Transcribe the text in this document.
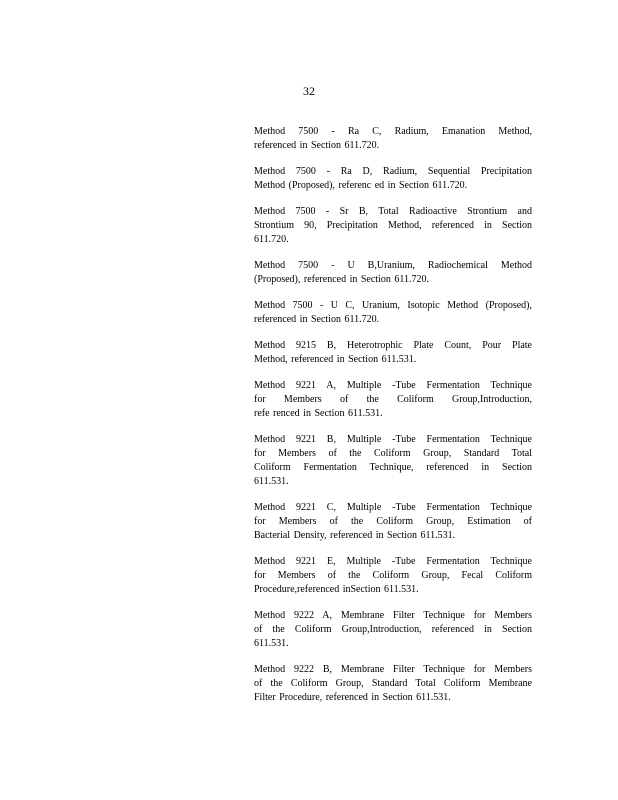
32
Method 7500 - Ra C, Radium, Emanation Method,
referenced in Section 611.720.
Method 7500 - Ra D, Radium, Sequential Precipitation
Method (Proposed), referenc ed in Section 611.720.
Method 7500 - Sr B, Total Radioactive Strontium and
Strontium 90, Precipitation Method, referenced in Section
611.720.
Method 7500 - U B,Uranium, Radiochemical Method
(Proposed), referenced in Section 611.720.
Method 7500 - U C, Uranium, Isotopic Method (Proposed),
referenced in Section 611.720.
Method 9215 B, Heterotrophic Plate Count, Pour Plate
Method, referenced in Section 611.531.
Method 9221 A, Multiple -Tube Fermentation Technique
for Members of the Coliform Group,Introduction,
refe renced in Section 611.531.
Method 9221 B, Multiple -Tube Fermentation Technique
for Members of the Coliform Group, Standard Total
Coliform Fermentation Technique, referenced in Section
611.531.
Method 9221 C, Multiple -Tube Fermentation Technique
for Members of the Coliform Group, Estimation of
Bacterial Density, referenced in Section 611.531.
Method 9221 E, Multiple -Tube Fermentation Technique
for Members of the Coliform Group, Fecal Coliform
Procedure,referenced inSection 611.531.
Method 9222 A, Membrane Filter Technique for Members
of the Coliform Group,Introduction, referenced in Section
611.531.
Method 9222 B, Membrane Filter Technique for Members
of the Coliform Group, Standard Total Coliform Membrane
Filter Procedure, referenced in Section 611.531.
